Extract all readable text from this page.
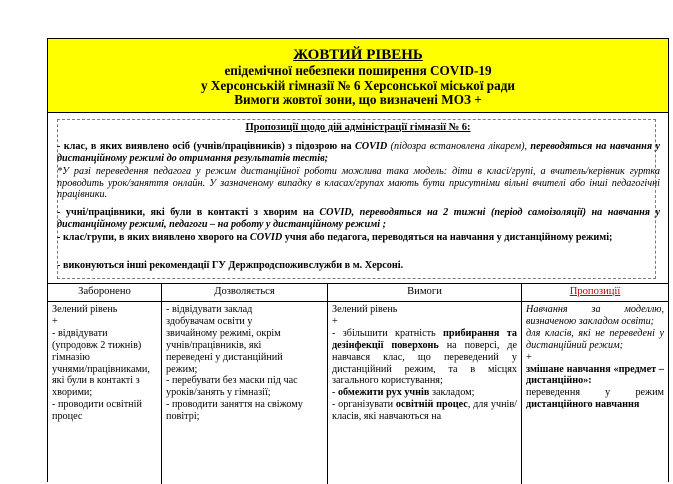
ЖОВТИЙ РІВЕНЬ
епідемічної небезпеки поширення COVID-19
у Херсонській гімназії № 6 Херсонської міської ради
Вимоги жовтої зони, що визначені МОЗ +
Пропозиції щодо дій адміністрації гімназії № 6:
- клас, в яких виявлено осіб (учнів/працівників) з підозрою на COVID (підозра встановлена лікарем), переводяться на навчання у дистанційному режимі до отримання результатів тестів;
*У разі переведення педагога у режим дистанційної роботи можлива така модель: діти в класі/групі, а вчитель/керівник гуртка проводить урок/заняття онлайн. У зазначеному випадку в класах/групах мають бути присутніми вільні вчителі або інші педагогічні працівники.
- учні/працівники, які були в контакті з хворим на COVID, переводяться на 2 тижні (період самоізоляції) на навчання у дистанційному режимі, педагоги – на роботу у дистанційному режимі ;
- клас/групи, в яких виявлено хворого на COVID учня або педагога, переводяться на навчання у дистанційному режимі;
- виконуються інші рекомендації ГУ Держпродспоживслужби в м. Херсоні.
Заборонено
Зелений рівень
+
- відвідувати
(упродовж 2 тижнів)
гімназію
учнями/працівниками,
які були в контакті з
хворими;
- проводити освітній
процес
Дозволяється
- відвідувати заклад
здобувачам освіти у
звичайному режимі, окрім
учнів/працівників, які
переведені у дистанційний
режим;
- перебувати без маски під час
уроків/занять у гімназії;
- проводити заняття на свіжому
повітрі;
Вимоги
Зелений рівень
+
- збільшити кратність прибирання та дезінфекції поверхонь на поверсі, де навчався клас, що переведений у дистанційний режим, та в місцях загального користування;
- обмежити рух учнів закладом;
- організувати освітній процес, для учнів/класів, які навчаються на
Пропозиції
Навчання за моделлю, визначеною закладом освіти;
для класів, які не переведені у дистанційний режим;
+
змішане навчання «предмет – дистанційно»:
переведення у режим дистанційного навчання
